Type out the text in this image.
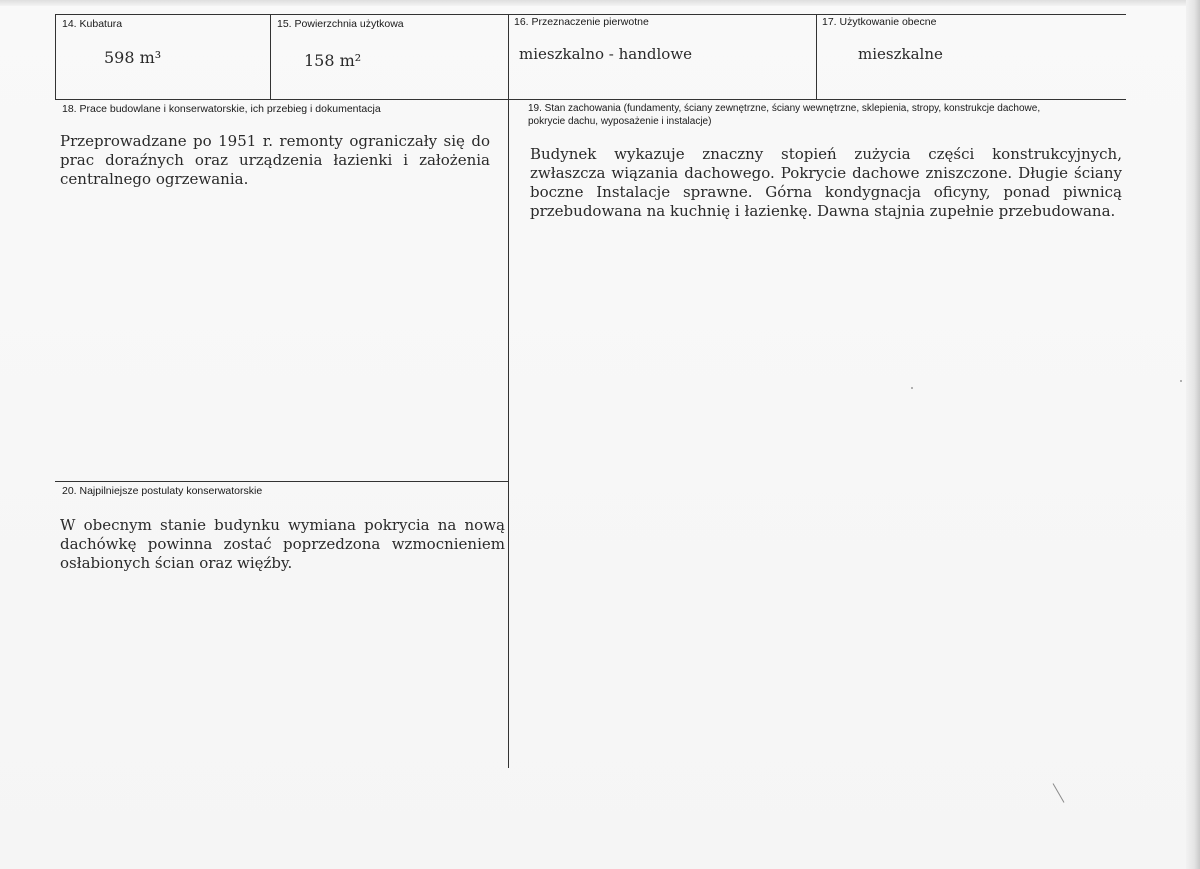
14. Kubatura
598 m³
15. Powierzchnia użytkowa
158 m²
16. Przeznaczenie pierwotne
mieszkalno - handlowe
17. Użytkowanie obecne
mieszkalne
18. Prace budowlane i konserwatorskie, ich przebieg i dokumentacja
Przeprowadzane po 1951 r. remonty ograniczały się do prac doraźnych oraz urządzenia łazienki i założenia centralnego ogrzewania.
19. Stan zachowania (fundamenty, ściany zewnętrzne, ściany wewnętrzne, sklepienia, stropy, konstrukcje dachowe,
pokrycie dachu, wyposażenie i instalacje)
Budynek wykazuje znaczny stopień zużycia części konstrukcyjnych, zwłaszcza wiązania dachowego. Pokrycie dachowe zniszczone. Długie ściany boczne Instalacje sprawne. Górna kondygnacja oficyny, ponad piwnicą przebudowana na kuchnię i łazienkę. Dawna stajnia zupełnie przebudowana.
20. Najpilniejsze postulaty konserwatorskie
W obecnym stanie budynku wymiana pokrycia na nową dachówkę powinna zostać poprzedzona wzmocnieniem osłabionych ścian oraz więźby.
